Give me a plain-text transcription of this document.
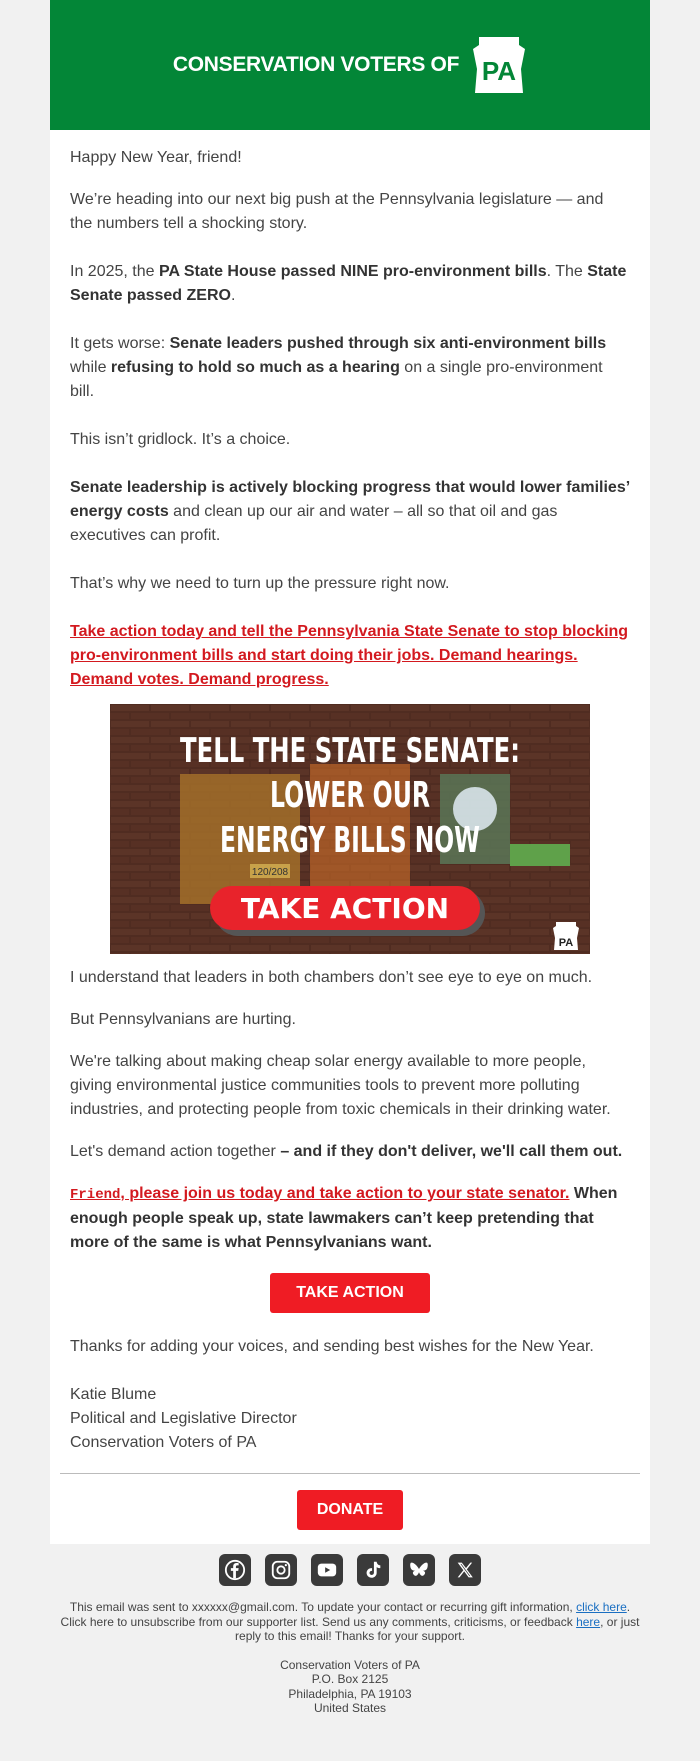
CONSERVATION VOTERS OF PA

Happy New Year, friend!

We’re heading into our next big push at the Pennsylvania legislature — and the numbers tell a shocking story.

In 2025, the PA State House passed NINE pro-environment bills. The State Senate passed ZERO.

It gets worse: Senate leaders pushed through six anti-environment bills while refusing to hold so much as a hearing on a single pro-environment bill.

This isn’t gridlock. It’s a choice.

Senate leadership is actively blocking progress that would lower families’ energy costs and clean up our air and water – all so that oil and gas executives can profit.

That’s why we need to turn up the pressure right now.

Take action today and tell the Pennsylvania State Senate to stop blocking pro-environment bills and start doing their jobs. Demand hearings. Demand votes. Demand progress.

120/208
TELL THE STATE SENATE:
LOWER OUR
ENERGY BILLS NOW
TAKE ACTION
PA

I understand that leaders in both chambers don’t see eye to eye on much.

But Pennsylvanians are hurting.

We're talking about making cheap solar energy available to more people, giving environmental justice communities tools to prevent more polluting industries, and protecting people from toxic chemicals in their drinking water.

Let's demand action together – and if they don't deliver, we'll call them out.

Friend, please join us today and take action to your state senator. When enough people speak up, state lawmakers can’t keep pretending that more of the same is what Pennsylvanians want.

TAKE ACTION

Thanks for adding your voices, and sending best wishes for the New Year.

Katie Blume

Political and Legislative Director

Conservation Voters of PA

DONATE
This email was sent to xxxxxx@gmail.com. To update your contact or recurring gift information, click here.
Click here to unsubscribe from our supporter list. Send us any comments, criticisms, or feedback here, or just reply to this email! Thanks for your support.
Conservation Voters of PA
P.O. Box 2125
Philadelphia, PA 19103
United States
